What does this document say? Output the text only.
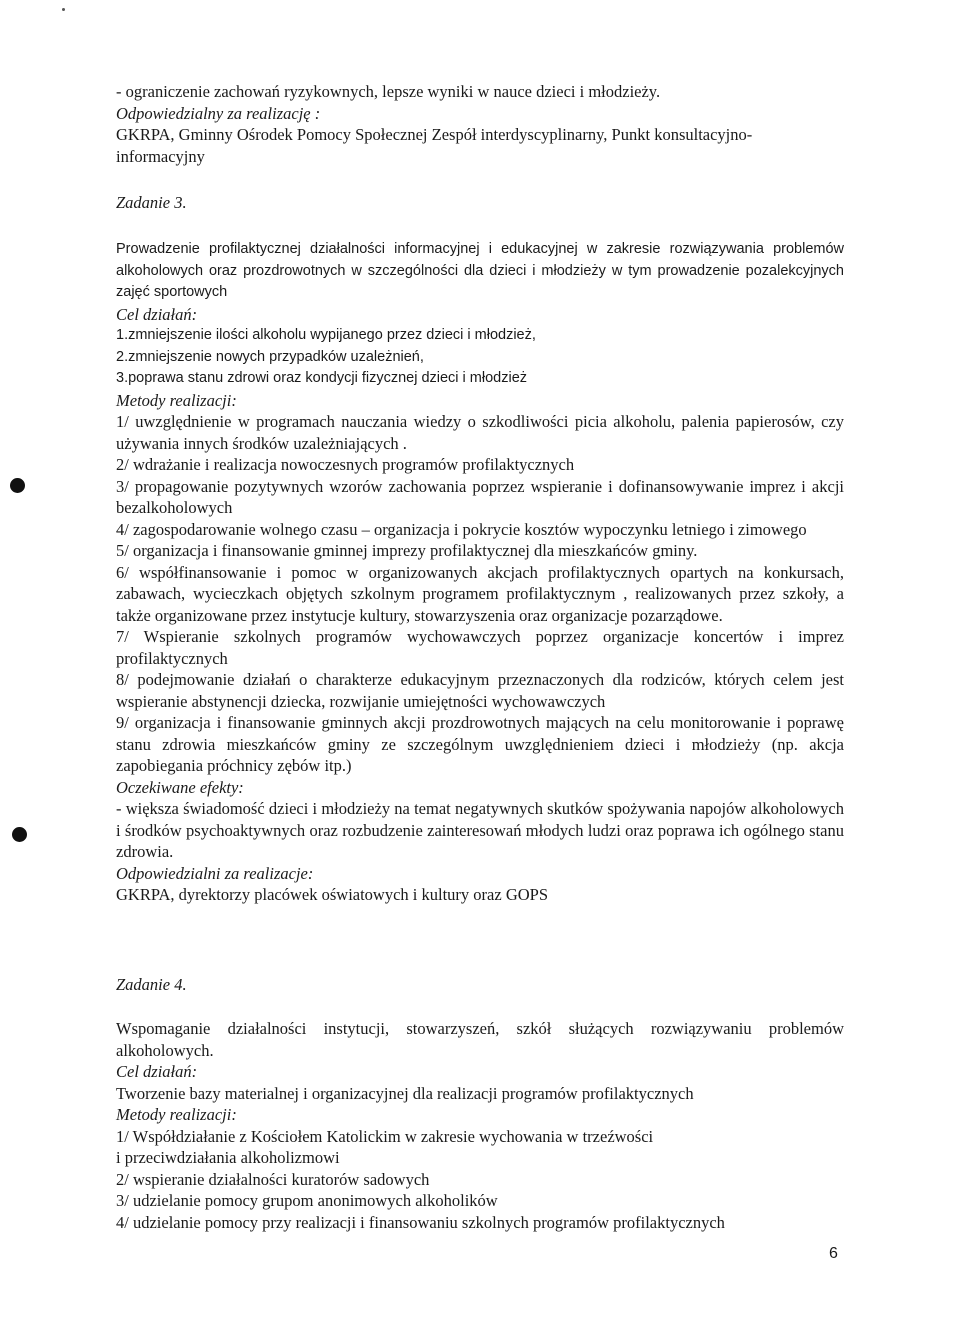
- ograniczenie zachowań ryzykownych, lepsze wyniki w nauce dzieci i młodzieży.

Odpowiedzialny za realizację :

GKRPA, Gminny Ośrodek Pomocy Społecznej Zespół interdyscyplinarny, Punkt konsultacyjno-informacyjny

Zadanie 3.

Prowadzenie profilaktycznej działalności informacyjnej i edukacyjnej w zakresie rozwiązywania problemów alkoholowych oraz prozdrowotnych w szczególności dla dzieci i młodzieży w tym prowadzenie pozalekcyjnych zajęć sportowych

Cel działań:

1.zmniejszenie ilości alkoholu wypijanego przez dzieci i młodzież,

2.zmniejszenie nowych przypadków uzależnień,

3.poprawa stanu zdrowi oraz kondycji fizycznej dzieci i młodzież

Metody realizacji:

1/ uwzględnienie w programach nauczania wiedzy o szkodliwości picia alkoholu, palenia papierosów, czy używania innych środków uzależniających .

2/ wdrażanie i realizacja nowoczesnych programów profilaktycznych

3/ propagowanie pozytywnych wzorów zachowania poprzez wspieranie i dofinansowywanie imprez i akcji bezalkoholowych

4/ zagospodarowanie wolnego czasu – organizacja i pokrycie kosztów wypoczynku letniego i zimowego

5/ organizacja i finansowanie gminnej imprezy profilaktycznej dla mieszkańców gminy.

6/ współfinansowanie i pomoc w organizowanych akcjach profilaktycznych opartych na konkursach, zabawach, wycieczkach objętych szkolnym programem profilaktycznym , realizowanych przez szkoły, a także organizowane przez instytucje kultury, stowarzyszenia oraz organizacje pozarządowe.

7/ Wspieranie szkolnych programów wychowawczych poprzez organizacje koncertów i imprez profilaktycznych

8/ podejmowanie działań o charakterze edukacyjnym przeznaczonych dla rodziców, których celem jest wspieranie abstynencji dziecka, rozwijanie umiejętności wychowawczych

9/ organizacja i finansowanie gminnych akcji prozdrowotnych mających na celu monitorowanie i poprawę stanu zdrowia mieszkańców gminy ze szczególnym uwzględnieniem dzieci i młodzieży (np. akcja zapobiegania próchnicy zębów itp.)

Oczekiwane efekty:

- większa świadomość dzieci i młodzieży na temat negatywnych skutków spożywania napojów alkoholowych i środków psychoaktywnych oraz rozbudzenie zainteresowań młodych ludzi oraz poprawa ich ogólnego stanu zdrowia.

Odpowiedzialni za realizacje:

GKRPA, dyrektorzy placówek oświatowych i kultury oraz GOPS

Zadanie 4.

Wspomaganie działalności instytucji, stowarzyszeń, szkół służących rozwiązywaniu problemów alkoholowych.

Cel działań:

Tworzenie bazy materialnej i organizacyjnej dla realizacji programów profilaktycznych

Metody realizacji:

1/ Współdziałanie z Kościołem Katolickim w zakresie wychowania w trzeźwości

i przeciwdziałania alkoholizmowi

2/ wspieranie działalności kuratorów sadowych

3/ udzielanie pomocy grupom anonimowych alkoholików

4/ udzielanie pomocy przy realizacji i finansowaniu szkolnych programów profilaktycznych

6
